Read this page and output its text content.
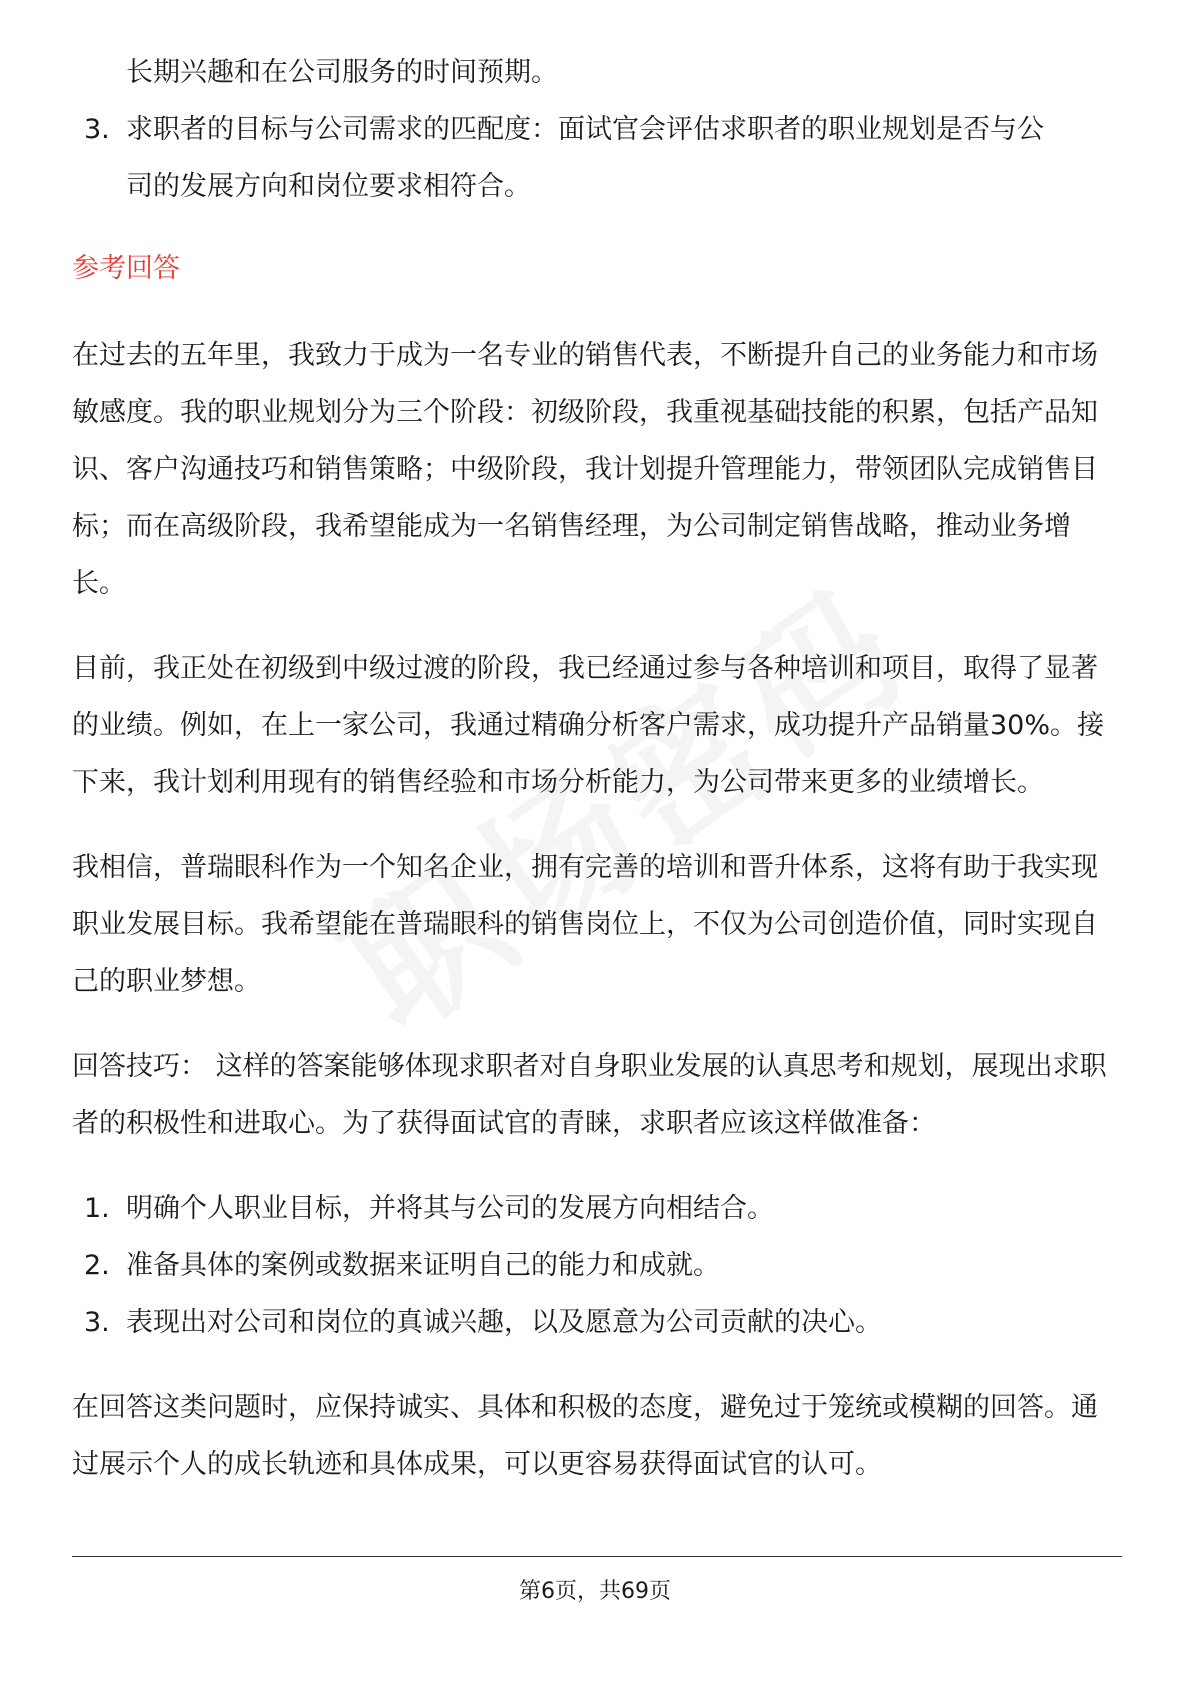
长期兴趣和在公司服务的时间预期。

3. 求职者的目标与公司需求的匹配度：面试官会评估求职者的职业规划是否与公
司的发展方向和岗位要求相符合。
参考回答

在过去的五年里，我致力于成为一名专业的销售代表，不断提升自己的业务能力和市场敏感度。我的职业规划分为三个阶段：初级阶段，我重视基础技能的积累，包括产品知识、客户沟通技巧和销售策略；中级阶段，我计划提升管理能力，带领团队完成销售目标；而在高级阶段，我希望能成为一名销售经理，为公司制定销售战略，推动业务增长。

目前，我正处在初级到中级过渡的阶段，我已经通过参与各种培训和项目，取得了显著的业绩。例如，在上一家公司，我通过精确分析客户需求，成功提升产品销量30%。接下来，我计划利用现有的销售经验和市场分析能力，为公司带来更多的业绩增长。

我相信，普瑞眼科作为一个知名企业，拥有完善的培训和晋升体系，这将有助于我实现职业发展目标。我希望能在普瑞眼科的销售岗位上，不仅为公司创造价值，同时实现自己的职业梦想。

回答技巧： 这样的答案能够体现求职者对自身职业发展的认真思考和规划，展现出求职者的积极性和进取心。为了获得面试官的青睐，求职者应该这样做准备：

1. 明确个人职业目标，并将其与公司的发展方向相结合。
2. 准备具体的案例或数据来证明自己的能力和成就。
3. 表现出对公司和岗位的真诚兴趣，以及愿意为公司贡献的决心。

在回答这类问题时，应保持诚实、具体和积极的态度，避免过于笼统或模糊的回答。通过展示个人的成长轨迹和具体成果，可以更容易获得面试官的认可。

第6页，共69页
